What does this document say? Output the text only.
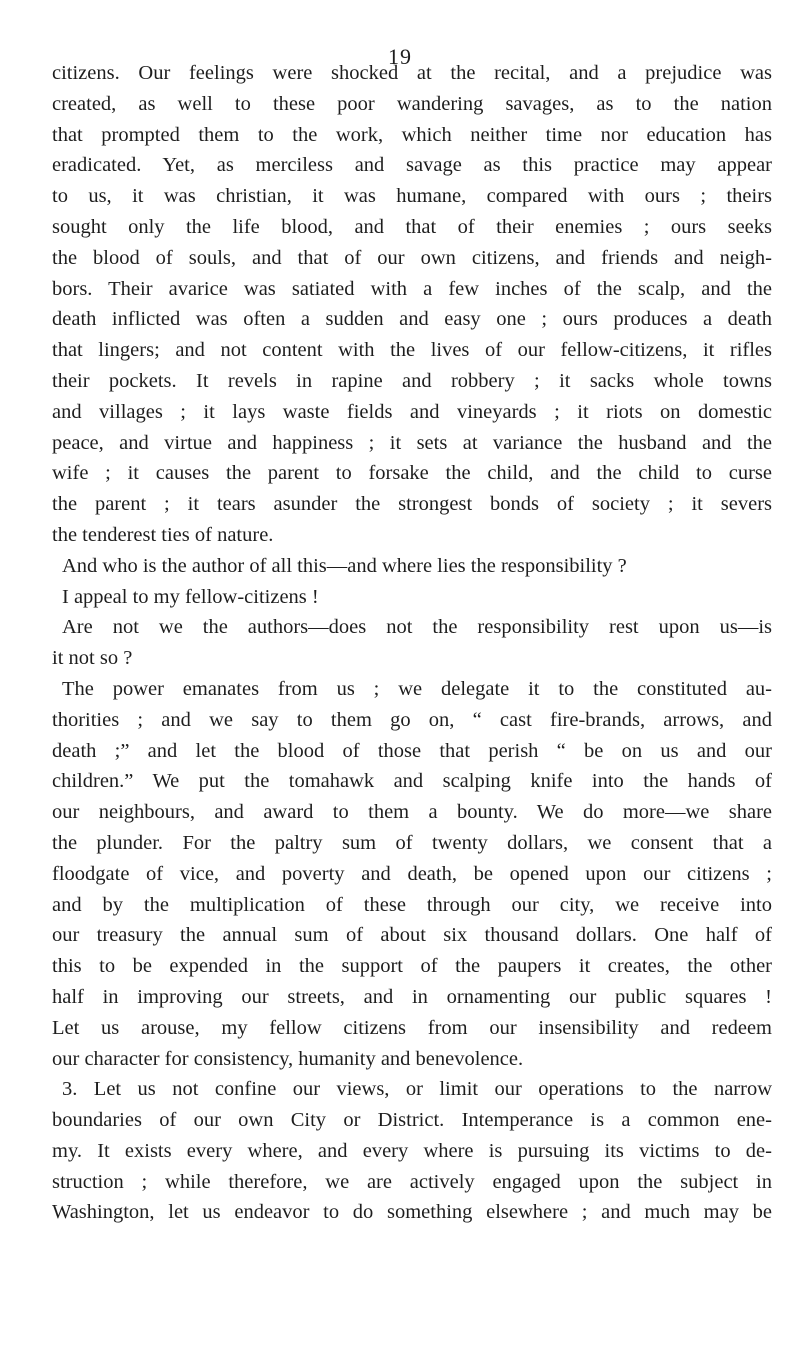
19
citizens. Our feelings were shocked at the recital, and a prejudice was
created, as well to these poor wandering savages, as to the nation
that prompted them to the work, which neither time nor education has
eradicated. Yet, as merciless and savage as this practice may appear
to us, it was christian, it was humane, compared with ours ; theirs
sought only the life blood, and that of their enemies ; ours seeks
the blood of souls, and that of our own citizens, and friends and neigh-
bors. Their avarice was satiated with a few inches of the scalp, and the
death inflicted was often a sudden and easy one ; ours produces a death
that lingers; and not content with the lives of our fellow-citizens, it rifles
their pockets. It revels in rapine and robbery ; it sacks whole towns
and villages ; it lays waste fields and vineyards ; it riots on domestic
peace, and virtue and happiness ; it sets at variance the husband and the
wife ; it causes the parent to forsake the child, and the child to curse
the parent ; it tears asunder the strongest bonds of society ; it severs
the tenderest ties of nature.
And who is the author of all this—and where lies the responsibility ?
I appeal to my fellow-citizens !
Are not we the authors—does not the responsibility rest upon us—is
it not so ?
The power emanates from us ; we delegate it to the constituted au-
thorities ; and we say to them go on, “ cast fire-brands, arrows, and
death ;” and let the blood of those that perish “ be on us and our
children.” We put the tomahawk and scalping knife into the hands of
our neighbours, and award to them a bounty. We do more—we share
the plunder. For the paltry sum of twenty dollars, we consent that a
floodgate of vice, and poverty and death, be opened upon our citizens ;
and by the multiplication of these through our city, we receive into
our treasury the annual sum of about six thousand dollars. One half of
this to be expended in the support of the paupers it creates, the other
half in improving our streets, and in ornamenting our public squares !
Let us arouse, my fellow citizens from our insensibility and redeem
our character for consistency, humanity and benevolence.
3. Let us not confine our views, or limit our operations to the narrow
boundaries of our own City or District. Intemperance is a common ene-
my. It exists every where, and every where is pursuing its victims to de-
struction ; while therefore, we are actively engaged upon the subject in
Washington, let us endeavor to do something elsewhere ; and much may be
